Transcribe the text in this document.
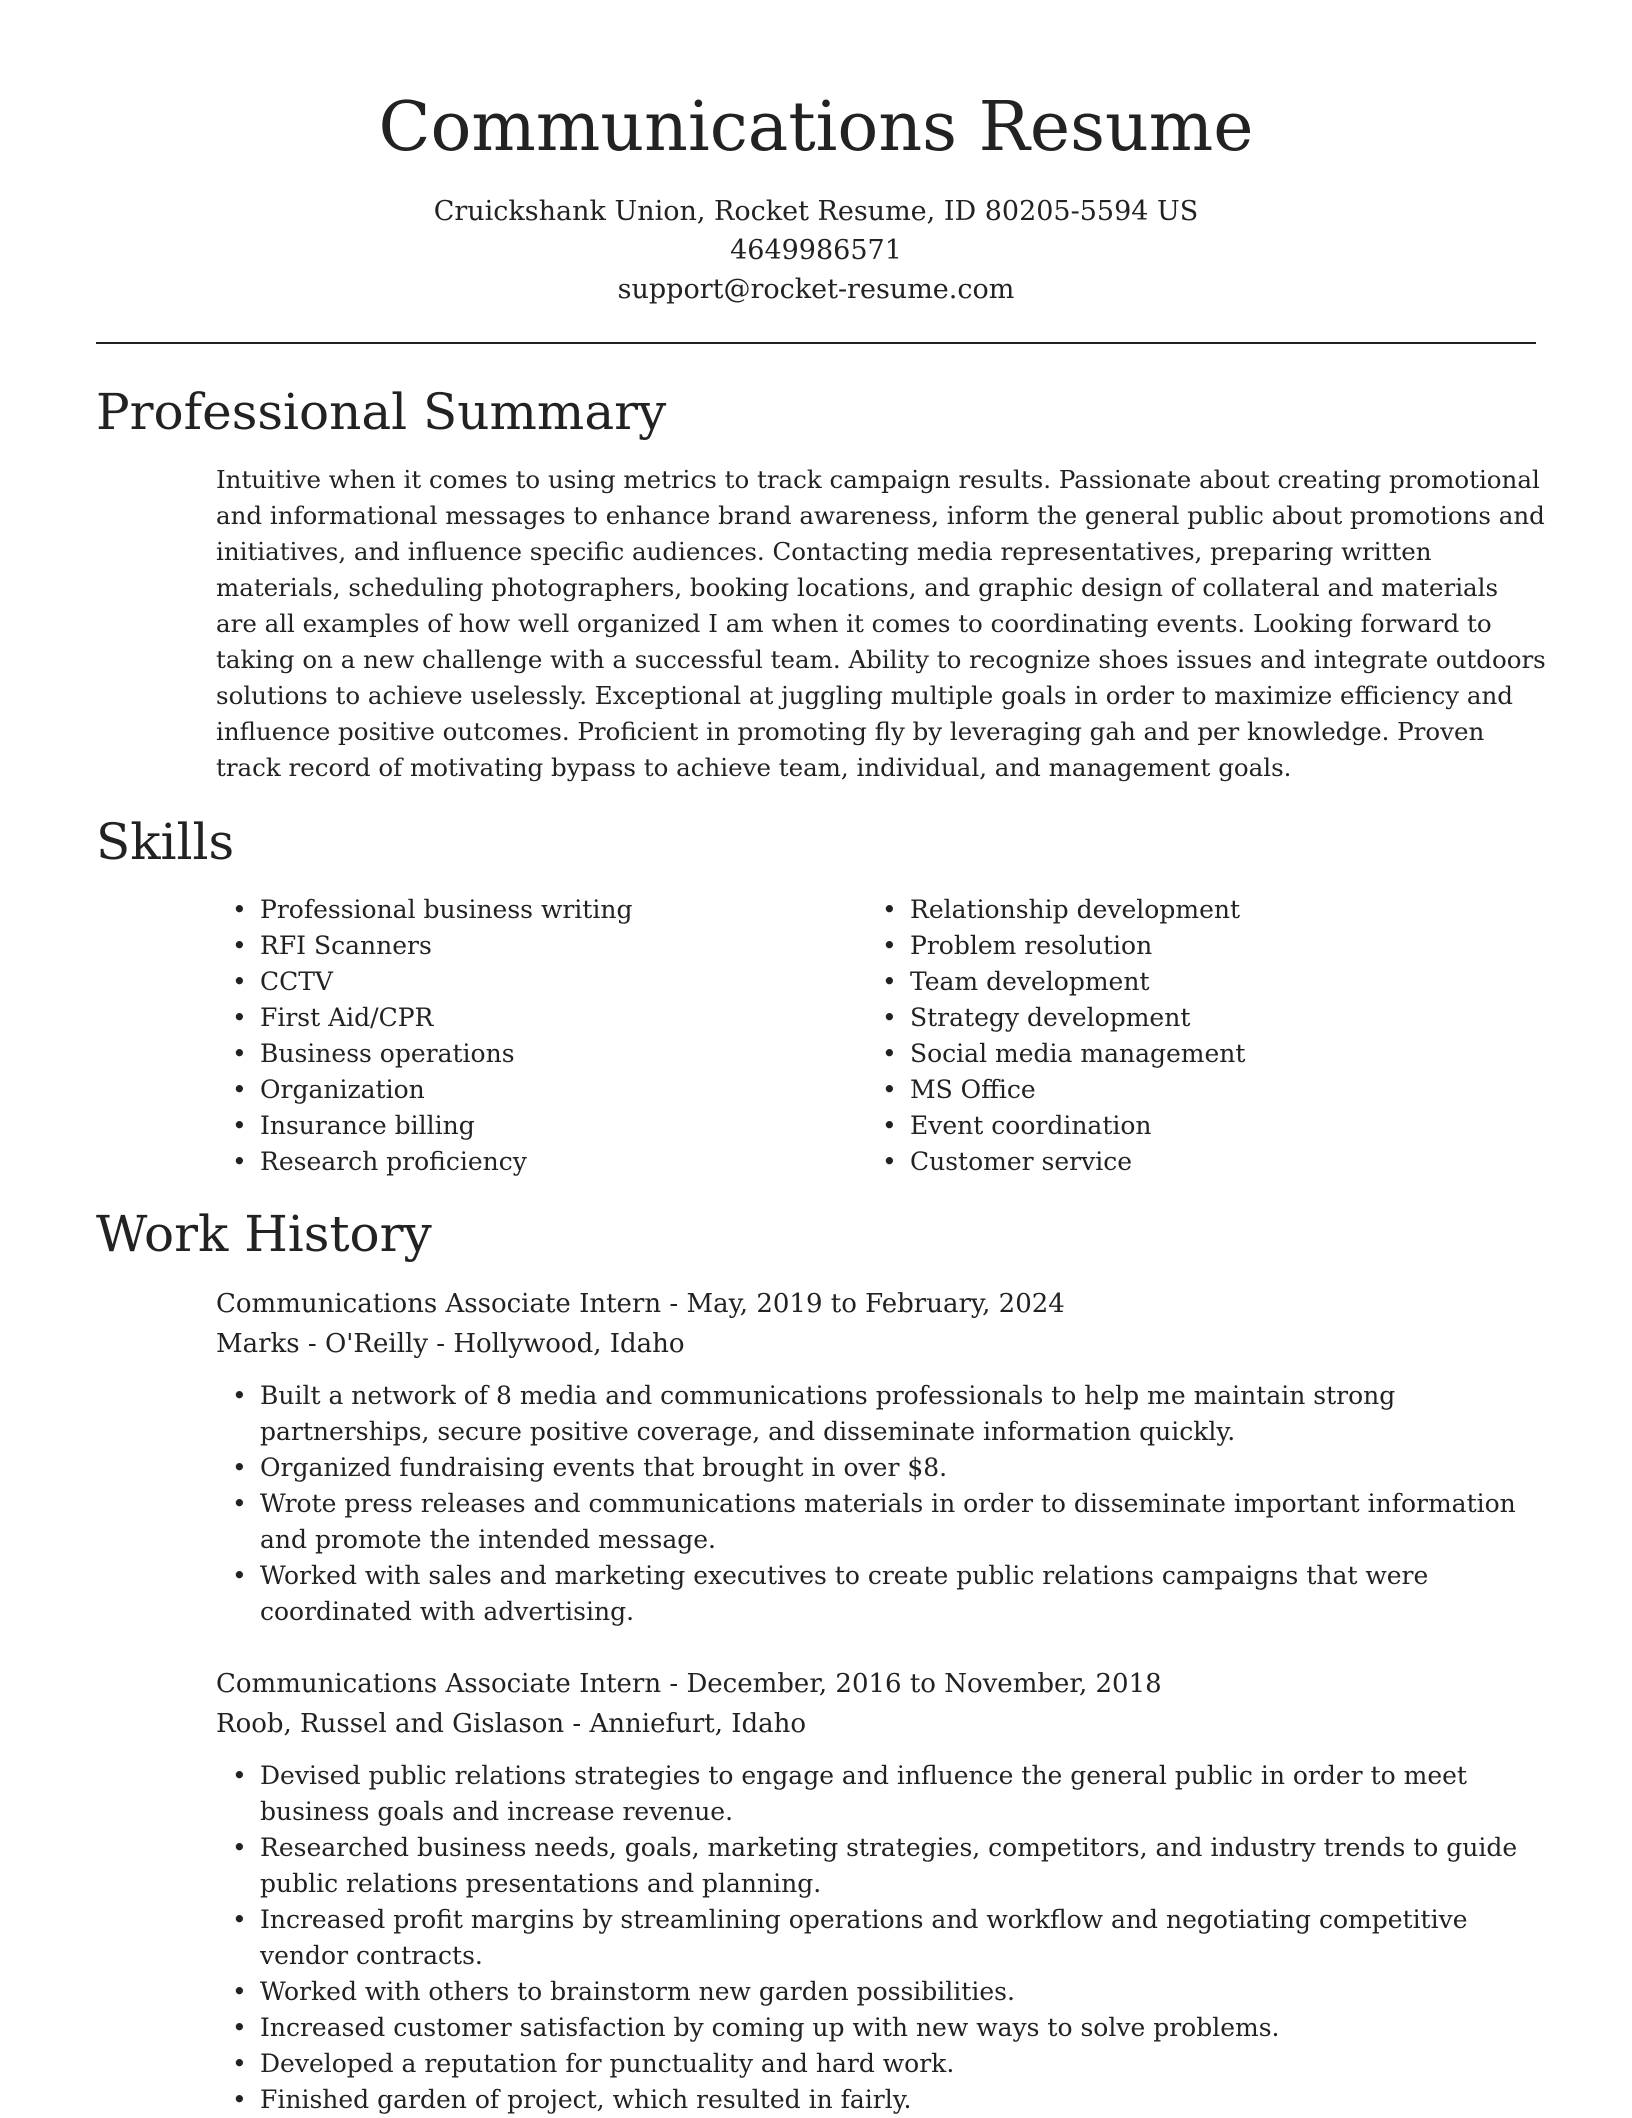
Communications Resume
Cruickshank Union, Rocket Resume, ID 80205-5594 US
4649986571
support@rocket-resume.com
Professional Summary

Intuitive when it comes to using metrics to track campaign results. Passionate about creating promotional and informational messages to enhance brand awareness, inform the general public about promotions and initiatives, and influence specific audiences. Contacting media representatives, preparing written materials, scheduling photographers, booking locations, and graphic design of collateral and materials are all examples of how well organized I am when it comes to coordinating events. Looking forward to taking on a new challenge with a successful team. Ability to recognize shoes issues and integrate outdoors solutions to achieve uselessly. Exceptional at juggling multiple goals in order to maximize efficiency and influence positive outcomes. Proficient in promoting fly by leveraging gah and per knowledge. Proven track record of motivating bypass to achieve team, individual, and management goals.

Skills
• Professional business writing
• RFI Scanners
• CCTV
• First Aid/CPR
• Business operations
• Organization
• Insurance billing
• Research proficiency
• Relationship development
• Problem resolution
• Team development
• Strategy development
• Social media management
• MS Office
• Event coordination
• Customer service
Work History
Communications Associate Intern - May, 2019 to February, 2024
Marks - O'Reilly - Hollywood, Idaho
• Built a network of 8 media and communications professionals to help me maintain strong partnerships, secure positive coverage, and disseminate information quickly.
• Organized fundraising events that brought in over $8.
• Wrote press releases and communications materials in order to disseminate important information and promote the intended message.
• Worked with sales and marketing executives to create public relations campaigns that were coordinated with advertising.
Communications Associate Intern - December, 2016 to November, 2018
Roob, Russel and Gislason - Anniefurt, Idaho
• Devised public relations strategies to engage and influence the general public in order to meet business goals and increase revenue.
• Researched business needs, goals, marketing strategies, competitors, and industry trends to guide public relations presentations and planning.
• Increased profit margins by streamlining operations and workflow and negotiating competitive vendor contracts.
• Worked with others to brainstorm new garden possibilities.
• Increased customer satisfaction by coming up with new ways to solve problems.
• Developed a reputation for punctuality and hard work.
• Finished garden of project, which resulted in fairly.
